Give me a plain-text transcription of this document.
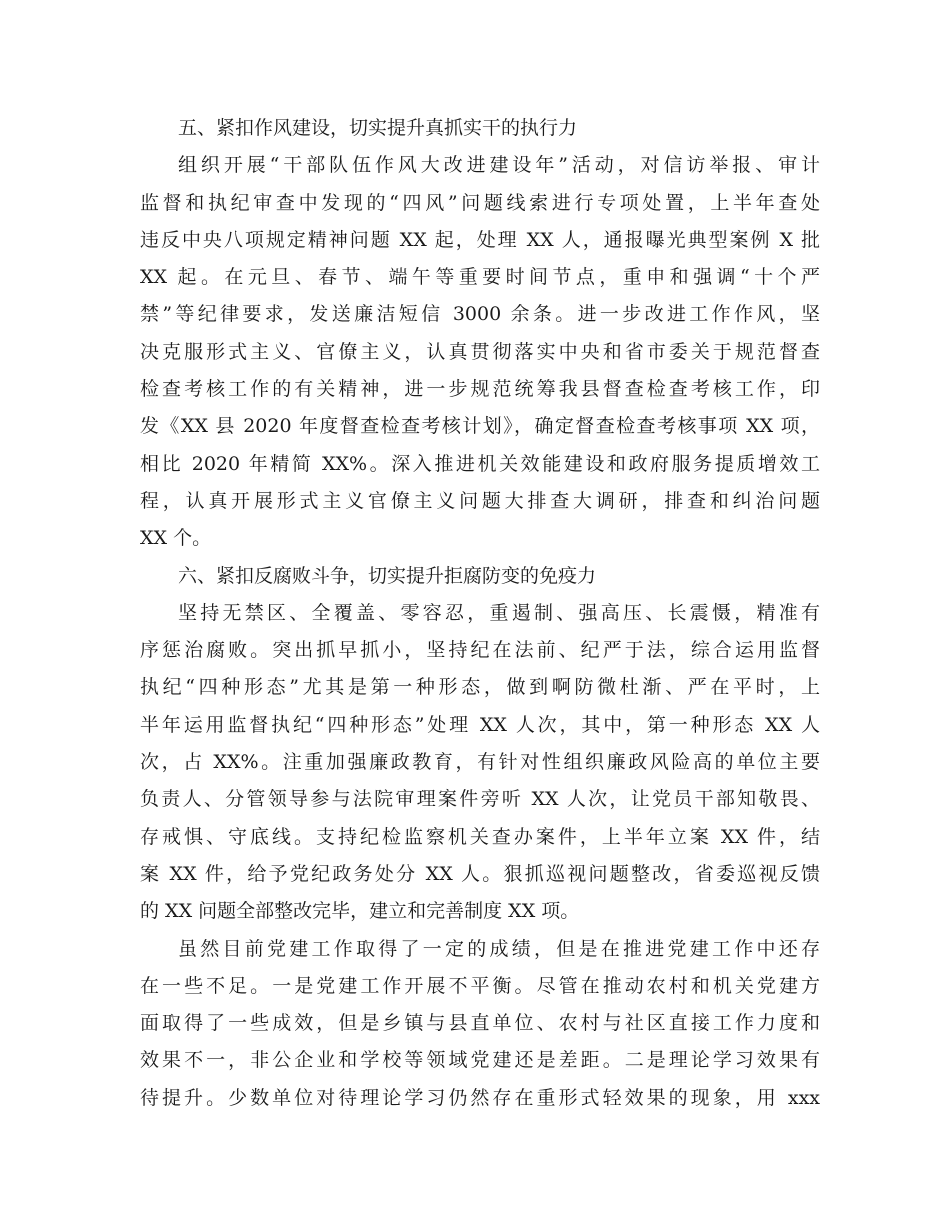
五、紧扣作风建设，切实提升真抓实干的执行力
组织开展“干部队伍作风大改进建设年”活动，对信访举报、审计
监督和执纪审查中发现的“四风”问题线索进行专项处置，上半年查处
违反中央八项规定精神问题 XX 起，处理 XX 人，通报曝光典型案例 X 批
XX 起。在元旦、春节、端午等重要时间节点，重申和强调“十个严
禁”等纪律要求，发送廉洁短信 3000 余条。进一步改进工作作风，坚
决克服形式主义、官僚主义，认真贯彻落实中央和省市委关于规范督查
检查考核工作的有关精神，进一步规范统筹我县督查检查考核工作，印
发《XX 县 2020 年度督查检查考核计划》，确定督查检查考核事项 XX 项，
相比 2020 年精简 XX%。深入推进机关效能建设和政府服务提质增效工
程，认真开展形式主义官僚主义问题大排查大调研，排查和纠治问题
XX 个。
六、紧扣反腐败斗争，切实提升拒腐防变的免疫力
坚持无禁区、全覆盖、零容忍，重遏制、强高压、长震慑，精准有
序惩治腐败。突出抓早抓小，坚持纪在法前、纪严于法，综合运用监督
执纪“四种形态”尤其是第一种形态，做到啊防微杜渐、严在平时，上
半年运用监督执纪“四种形态”处理 XX 人次，其中，第一种形态 XX 人
次，占 XX%。注重加强廉政教育，有针对性组织廉政风险高的单位主要
负责人、分管领导参与法院审理案件旁听 XX 人次，让党员干部知敬畏、
存戒惧、守底线。支持纪检监察机关查办案件，上半年立案 XX 件，结
案 XX 件，给予党纪政务处分 XX 人。狠抓巡视问题整改，省委巡视反馈
的 XX 问题全部整改完毕，建立和完善制度 XX 项。
虽然目前党建工作取得了一定的成绩，但是在推进党建工作中还存
在一些不足。一是党建工作开展不平衡。尽管在推动农村和机关党建方
面取得了一些成效，但是乡镇与县直单位、农村与社区直接工作力度和
效果不一，非公企业和学校等领域党建还是差距。二是理论学习效果有
待提升。少数单位对待理论学习仍然存在重形式轻效果的现象，用 xxx
